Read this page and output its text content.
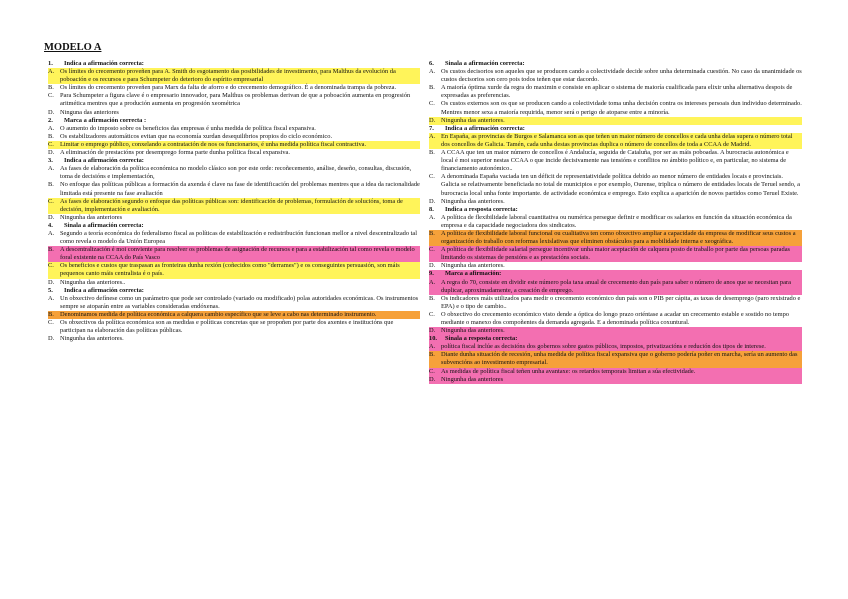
MODELO A
1.	Indica a afirmación correcta:
A. Os límites do crecemento proveñen para A. Smith do esgotamento das posibilidades de investimento, para Malthus da evolución da poboación e os recursos e para Schumpeter do deterioro do espírito empresarial
B. Os límites do crecemento proveñen para Marx da falta de aforro e do crecemento demográfico. É a denominada trampa da pobreza.
C. Para Schumpeter a figura clave é o empresario innovador, para Malthus os problemas derivan de que a poboación aumenta en progresión aritmética mentres que a produción aumenta en progresión xeométrica
D. Ninguna das anteriores
2.	Marca a afirmación correcta :
A. O aumento do imposto sobre os beneficios das empresas é unha medida de política fiscal expansiva.
B. Os estabilizadores automáticos evitan que na economía xurdan desequilibrios propios do ciclo económico.
C. Limitar o emprego público, conxelando a contratación de nos os funcionarios, é unha medida política fiscal contractiva.
D. A eliminación de prestacións por desemprego forma parte dunha política fiscal expansiva.
3.	Indica a afirmación correcta:
A. As fases de elaboración da política económica no modelo clásico son por este orde: recoñecemento, análise, deseño, consultas, discusión, toma de decisións e implementación,
B. No enfoque das políticas públicas a formación da axenda é clave na fase de identificación del problemas mentres que a idea da racionalidade limitada está presente na fase avaliación
C. As fases de elaboración segundo o enfoque das políticas públicas son: identificación de problemas, formulación de solucións, toma de decisión, implementación e avaliación.
D. Ningunha das anteriores
4.	Sinala a afirmación correcta:
A. Segundo a teoría económica do federalismo fiscal as políticas de estabilización e redistribución funcionan mellor a nivel descentralizado tal como revela o modelo da Unión Europea
B. A descentralización é moi conviente para resolver os problemas de asignación de recursos e para a estabilización tal como revela o modelo foral existente na CCAA do País Vasco
C. Os beneficios e custos que traspasan as fronteiras dunha rexión (coñecidos como "derrames") e os conseguintes persuasión, son máis pequenos canto máis centralista é o país.
D. Ningunha das anteriores..
5.	Indica a afirmación correcta:
A. Un obxectivo defínese como un parámetro que pode ser controlado (variado ou modificado) polas autoridades económicas. Os instrumentos sempre se atoparán entre as variables consideradas endóxenas.
B. Denominamos medida de política económica a calquera cambio específico que se leve a cabo nas determinado instrumento.
C. Os obxectivos da política económica son as medidas e políticas concretas que se propoñen por parte dos axentes e institucións que participan na elaboración das políticas públicas.
D. Ningunha das anteriores.
6.	Sinala a afirmación correcta:
A. Os custos decisorios son aqueles que se producen cando a colectividade decide sobre unha determinada cuestión. No caso da unanimidade os custos decisorios son cero pois todos teñen que estar dacordo.
B. A maioría óptima xurde da regra do maximin e consiste en aplicar o sistema de maioría cualificada para elixir unha alternativa despois de expresadas as preferencias.
C. Os custos externos son os que se producen cando a colectividade toma unha decisión contra os intereses persoais dun individuo determinado. Mentres menor sexa a maioría requirida, menor será o perigo de atoparse entre a minoría.
D. Ningunha das anteriores.
7.	Indica a afirmación correcta:
A. En España, as provincias de Burgos e Salamanca son as que teñen un maior número de concellos e cada unha delas supera o número total dos concellos de Galicia. Tamén, cada unha destas provincias duplica o número de concellos de toda a CCAA de Madrid.
B. A CCAA que ten un maior número de concellos é Andalucía, seguida de Cataluña, por ser as máis poboadas. A burocracia autonómica e local é moi superior nestas CCAA o que incide decisivamente nas tensións e conflitos no ámbito político e, en particular, no sistema de financiamento autonómico..
C. A denominada España vaciada ten un déficit de representatividade política debido ao menor número de entidades locais e provinciais. Galicia se relativamente beneficiada no total de municipios e por exemplo, Ourense, triplica o número de entidades locais de Teruel sendo, a burocracia local unha fonte importante. de actividade económica e emprego. Esto explica a aparición de novos partidos como Teruel Existe.
D. Ningunha das anteriores.
8.	Indica a resposta correcta:
A. A política de flexibilidade laboral cuantitativa ou numérica persegue definir e modificar os salarios en función da situación económica da empresa e da capacidade negociadora dos sindicatos.
B. A política de flexibilidade laboral funcional ou cualitativa ten como obxectivo ampliar a capacidade da empresa de modificar seus custos a organización do traballo con reformas lexislativas que eliminen obstáculos para a mobilidade interna e xeográfica.
C. A política de flexibilidade salarial persegue incentivar unha maior aceptación de calquera posto de traballo por parte das persoas paradas limitando os sistemas de pensións e as prestacións sociais.
D. Ningunha das anteriores.
9.	Marca a afirmación:
A. A regra do 70, consiste en dividir este número pola taxa anual de crecemento dun país para saber o número de anos que se necesitan para duplicar, aproximadamente, a creación de emprego.
B. Os indicadores máis utilizados para medir o crecemento económico dun país son o PIB per cápita, as taxas de desemprego (paro rexistrado e EPA) e o tipo de cambio..
C. O obxectivo do crecemento económico visto dende a óptica do longo prazo oriéntase a acadar un crecemento estable e sostido no tempo mediante o manexo dos compoñentes da demanda agregada. E a denominada política coxuntural.
D. Ningunha das anteriores.
10.	Sinala a resposta correcta:
A. política fiscal inclúe as decisións dos gobernos sobre gastos públicos, impostos, privatizacións e redución dos tipos de interese.
B. Diante dunha situación de recesión, unha medida de política fiscal expansiva que o goberno podería poñer en marcha, sería un aumento das subvencións ao investimento empresarial.
C. As medidas de política fiscal teñen unha avantaxe: os retardos temporais limitan a súa efectividade.
D. Ningunha das anteriores
